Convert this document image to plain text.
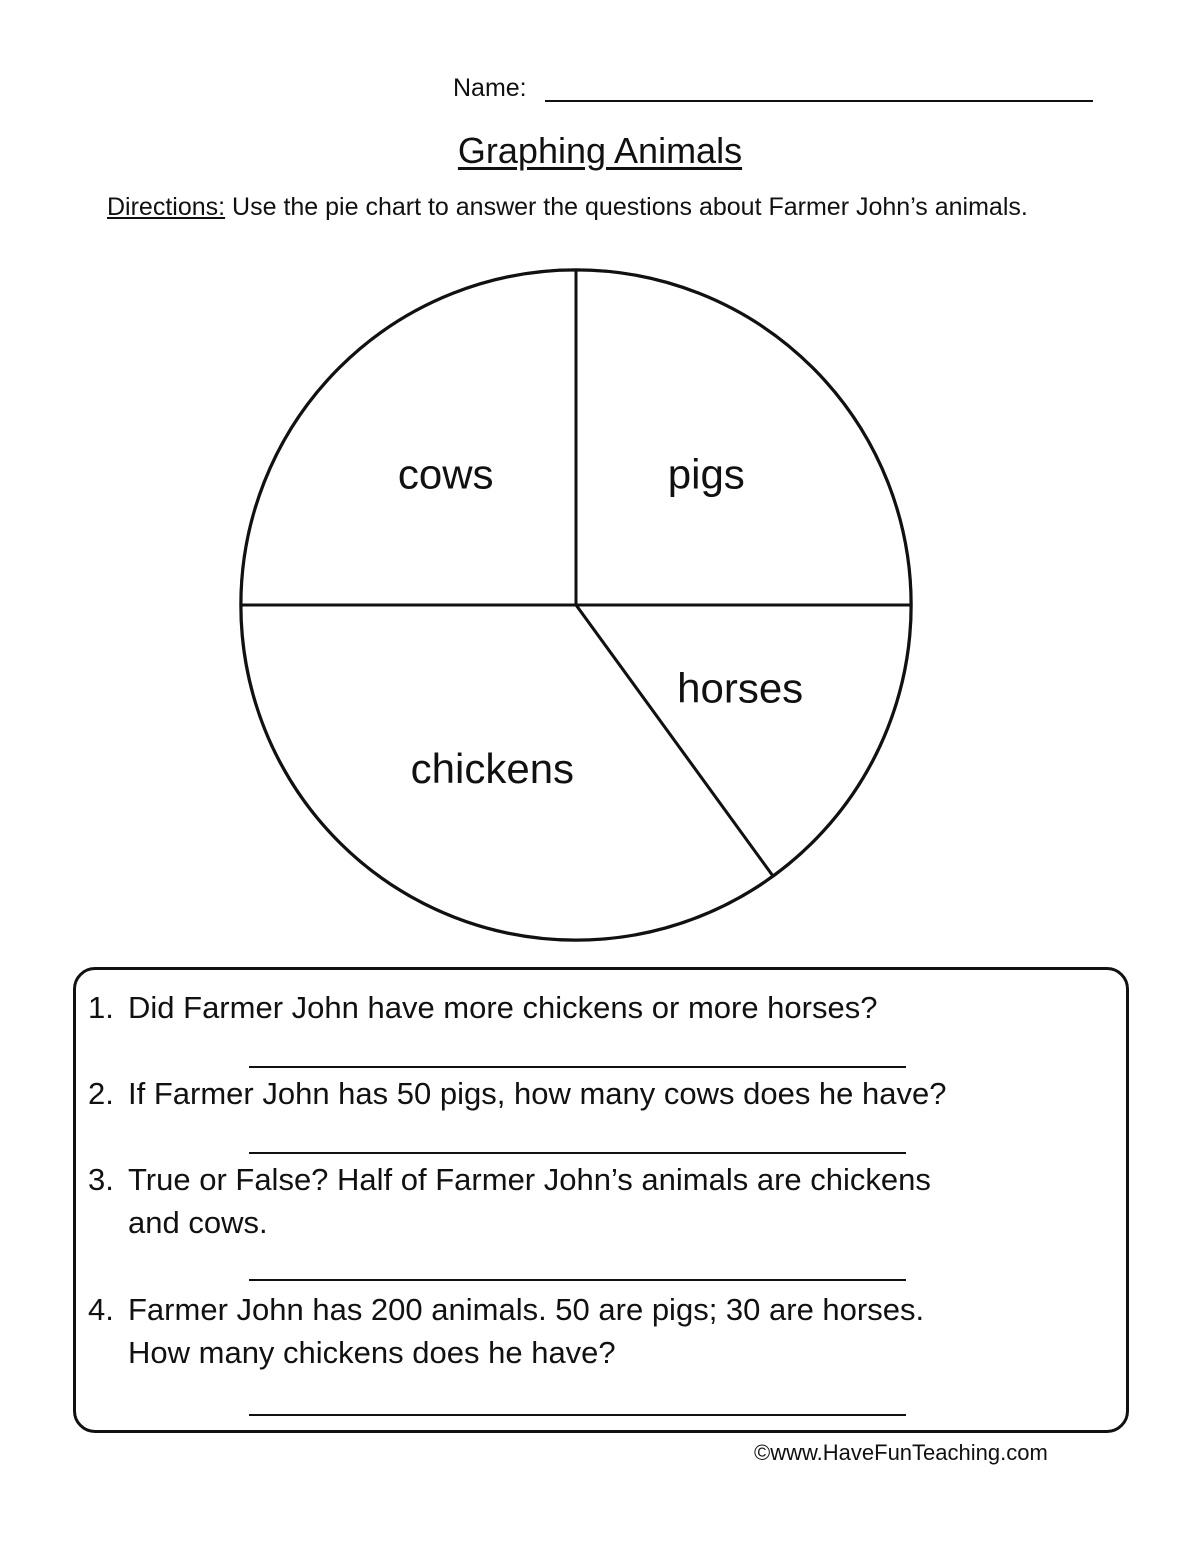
Name:
Graphing Animals
Directions: Use the pie chart to answer the questions about Farmer John’s animals.
pigs
horses
chickens
cows
1. Did Farmer John have more chickens or more horses?
2. If Farmer John has 50 pigs, how many cows does he have?
3. True or False? Half of Farmer John’s animals are chickens
and cows.
4. Farmer John has 200 animals. 50 are pigs; 30 are horses.
How many chickens does he have?
©www.HaveFunTeaching.com
